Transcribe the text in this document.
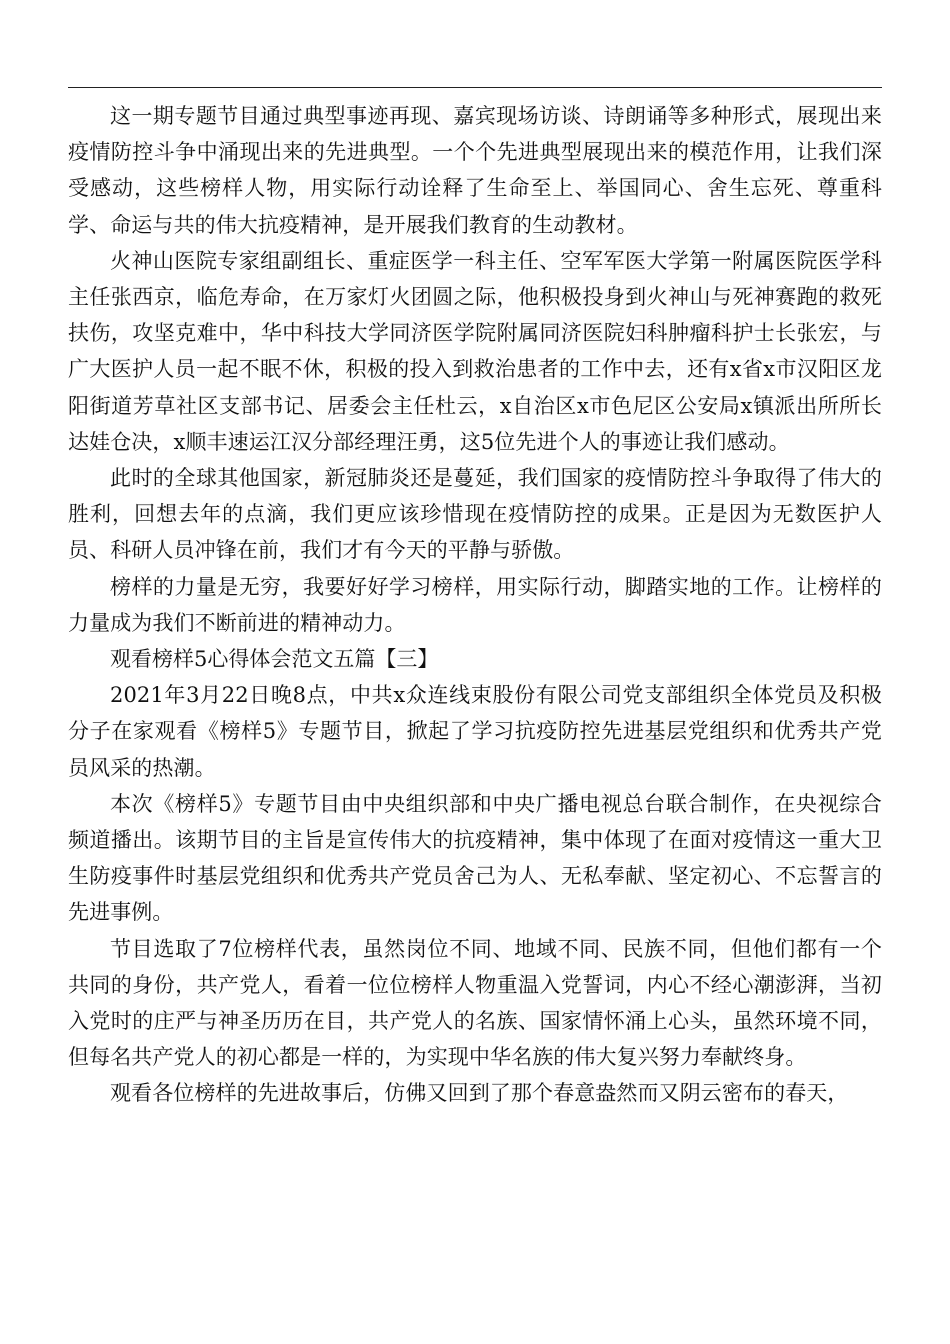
这一期专题节目通过典型事迹再现、嘉宾现场访谈、诗朗诵等多种形式，展现出来疫情防控斗争中涌现出来的先进典型。一个个先进典型展现出来的模范作用，让我们深受感动，这些榜样人物，用实际行动诠释了生命至上、举国同心、舍生忘死、尊重科学、命运与共的伟大抗疫精神，是开展我们教育的生动教材。

火神山医院专家组副组长、重症医学一科主任、空军军医大学第一附属医院医学科主任张西京，临危寿命，在万家灯火团圆之际，他积极投身到火神山与死神赛跑的救死扶伤，攻坚克难中，华中科技大学同济医学院附属同济医院妇科肿瘤科护士长张宏，与广大医护人员一起不眠不休，积极的投入到救治患者的工作中去，还有x省x市汉阳区龙阳街道芳草社区支部书记、居委会主任杜云，x自治区x市色尼区公安局x镇派出所所长达娃仓决，x顺丰速运江汉分部经理汪勇，这5位先进个人的事迹让我们感动。

此时的全球其他国家，新冠肺炎还是蔓延，我们国家的疫情防控斗争取得了伟大的胜利，回想去年的点滴，我们更应该珍惜现在疫情防控的成果。正是因为无数医护人员、科研人员冲锋在前，我们才有今天的平静与骄傲。

榜样的力量是无穷，我要好好学习榜样，用实际行动，脚踏实地的工作。让榜样的力量成为我们不断前进的精神动力。

观看榜样5心得体会范文五篇【三】

2021年3月22日晚8点，中共x众连线束股份有限公司党支部组织全体党员及积极分子在家观看《榜样5》专题节目，掀起了学习抗疫防控先进基层党组织和优秀共产党员风采的热潮。

本次《榜样5》专题节目由中央组织部和中央广播电视总台联合制作，在央视综合频道播出。该期节目的主旨是宣传伟大的抗疫精神，集中体现了在面对疫情这一重大卫生防疫事件时基层党组织和优秀共产党员舍己为人、无私奉献、坚定初心、不忘誓言的先进事例。

节目选取了7位榜样代表，虽然岗位不同、地域不同、民族不同，但他们都有一个共同的身份，共产党人，看着一位位榜样人物重温入党誓词，内心不经心潮澎湃，当初入党时的庄严与神圣历历在目，共产党人的名族、国家情怀涌上心头，虽然环境不同，但每名共产党人的初心都是一样的，为实现中华名族的伟大复兴努力奉献终身。

观看各位榜样的先进故事后，仿佛又回到了那个春意盎然而又阴云密布的春天，
